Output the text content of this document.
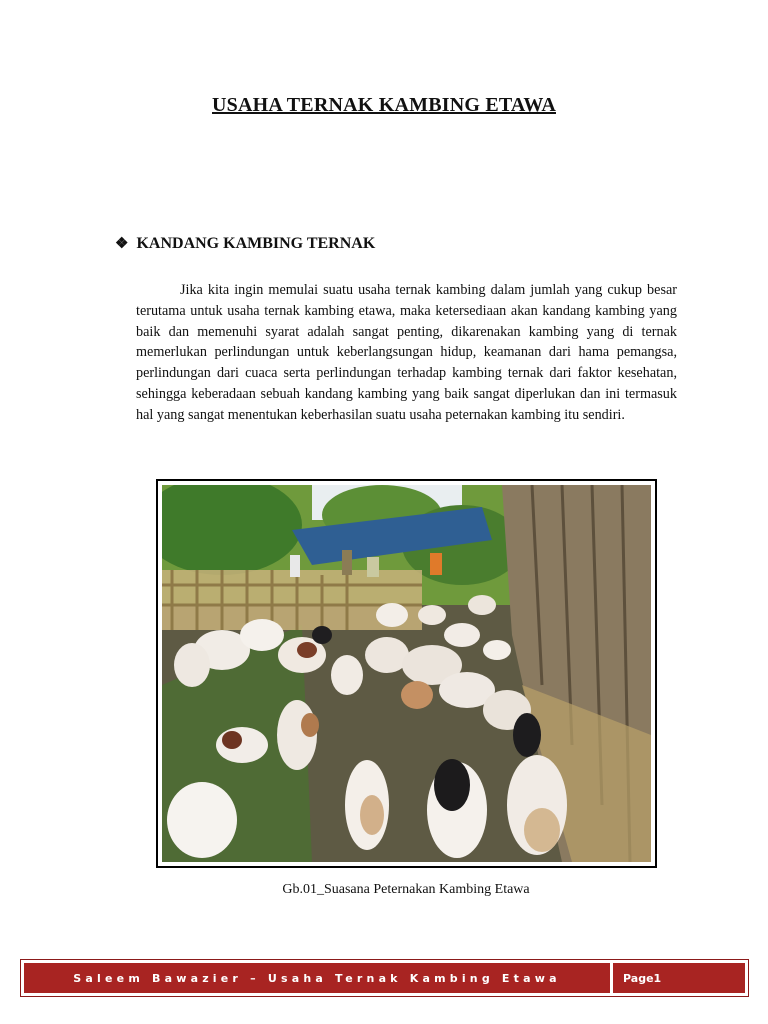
USAHA TERNAK KAMBING ETAWA
❖ KANDANG KAMBING TERNAK

Jika kita ingin memulai suatu usaha ternak kambing dalam jumlah yang cukup besar terutama untuk usaha ternak kambing etawa, maka ketersediaan akan kandang kambing yang baik dan memenuhi syarat adalah sangat penting, dikarenakan kambing yang di ternak memerlukan perlindungan untuk keberlangsungan hidup, keamanan dari hama pemangsa, perlindungan dari cuaca serta perlindungan terhadap kambing ternak dari faktor kesehatan, sehingga keberadaan sebuah kandang kambing yang baik sangat diperlukan dan ini termasuk hal yang sangat menentukan keberhasilan suatu usaha peternakan kambing itu sendiri.

Gb.01_Suasana Peternakan Kambing Etawa
Saleem Bawazier – Usaha Ternak Kambing Etawa	Page1
